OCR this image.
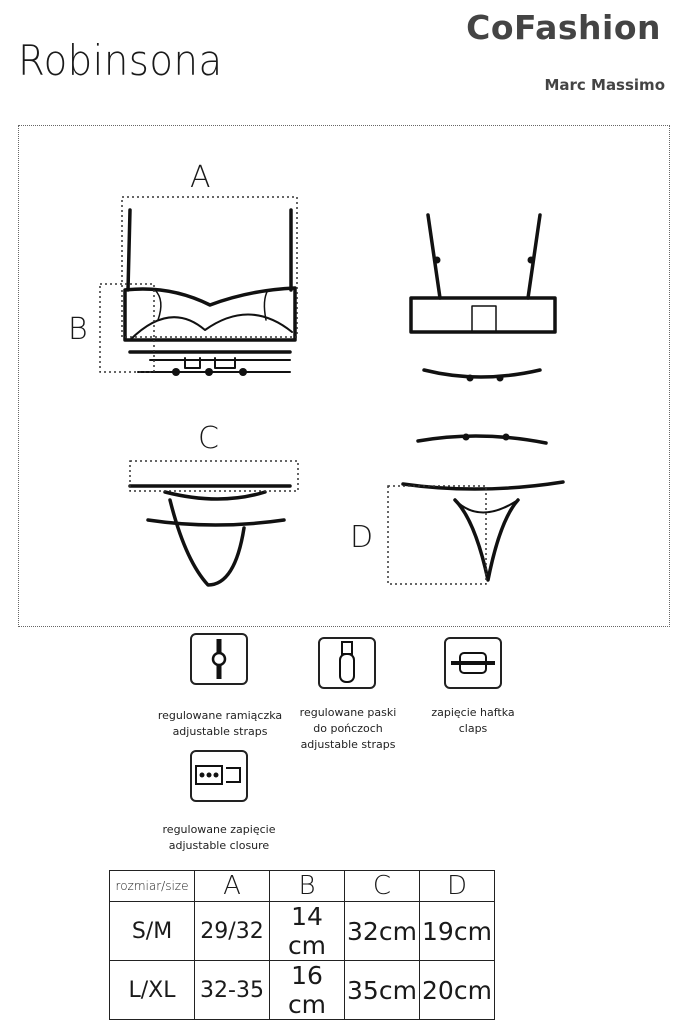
Robinsona
CoFashion
Marc Massimo
A
B
C
D
regulowane ramiączka
adjustable straps
regulowane paski
do pończoch
adjustable straps
zapięcie haftka
claps
regulowane zapięcie
adjustable closure
rozmiar/size	A	B	C	D
S/M	29/32	14 cm	32cm	19cm
L/XL	32-35	16 cm	35cm	20cm
